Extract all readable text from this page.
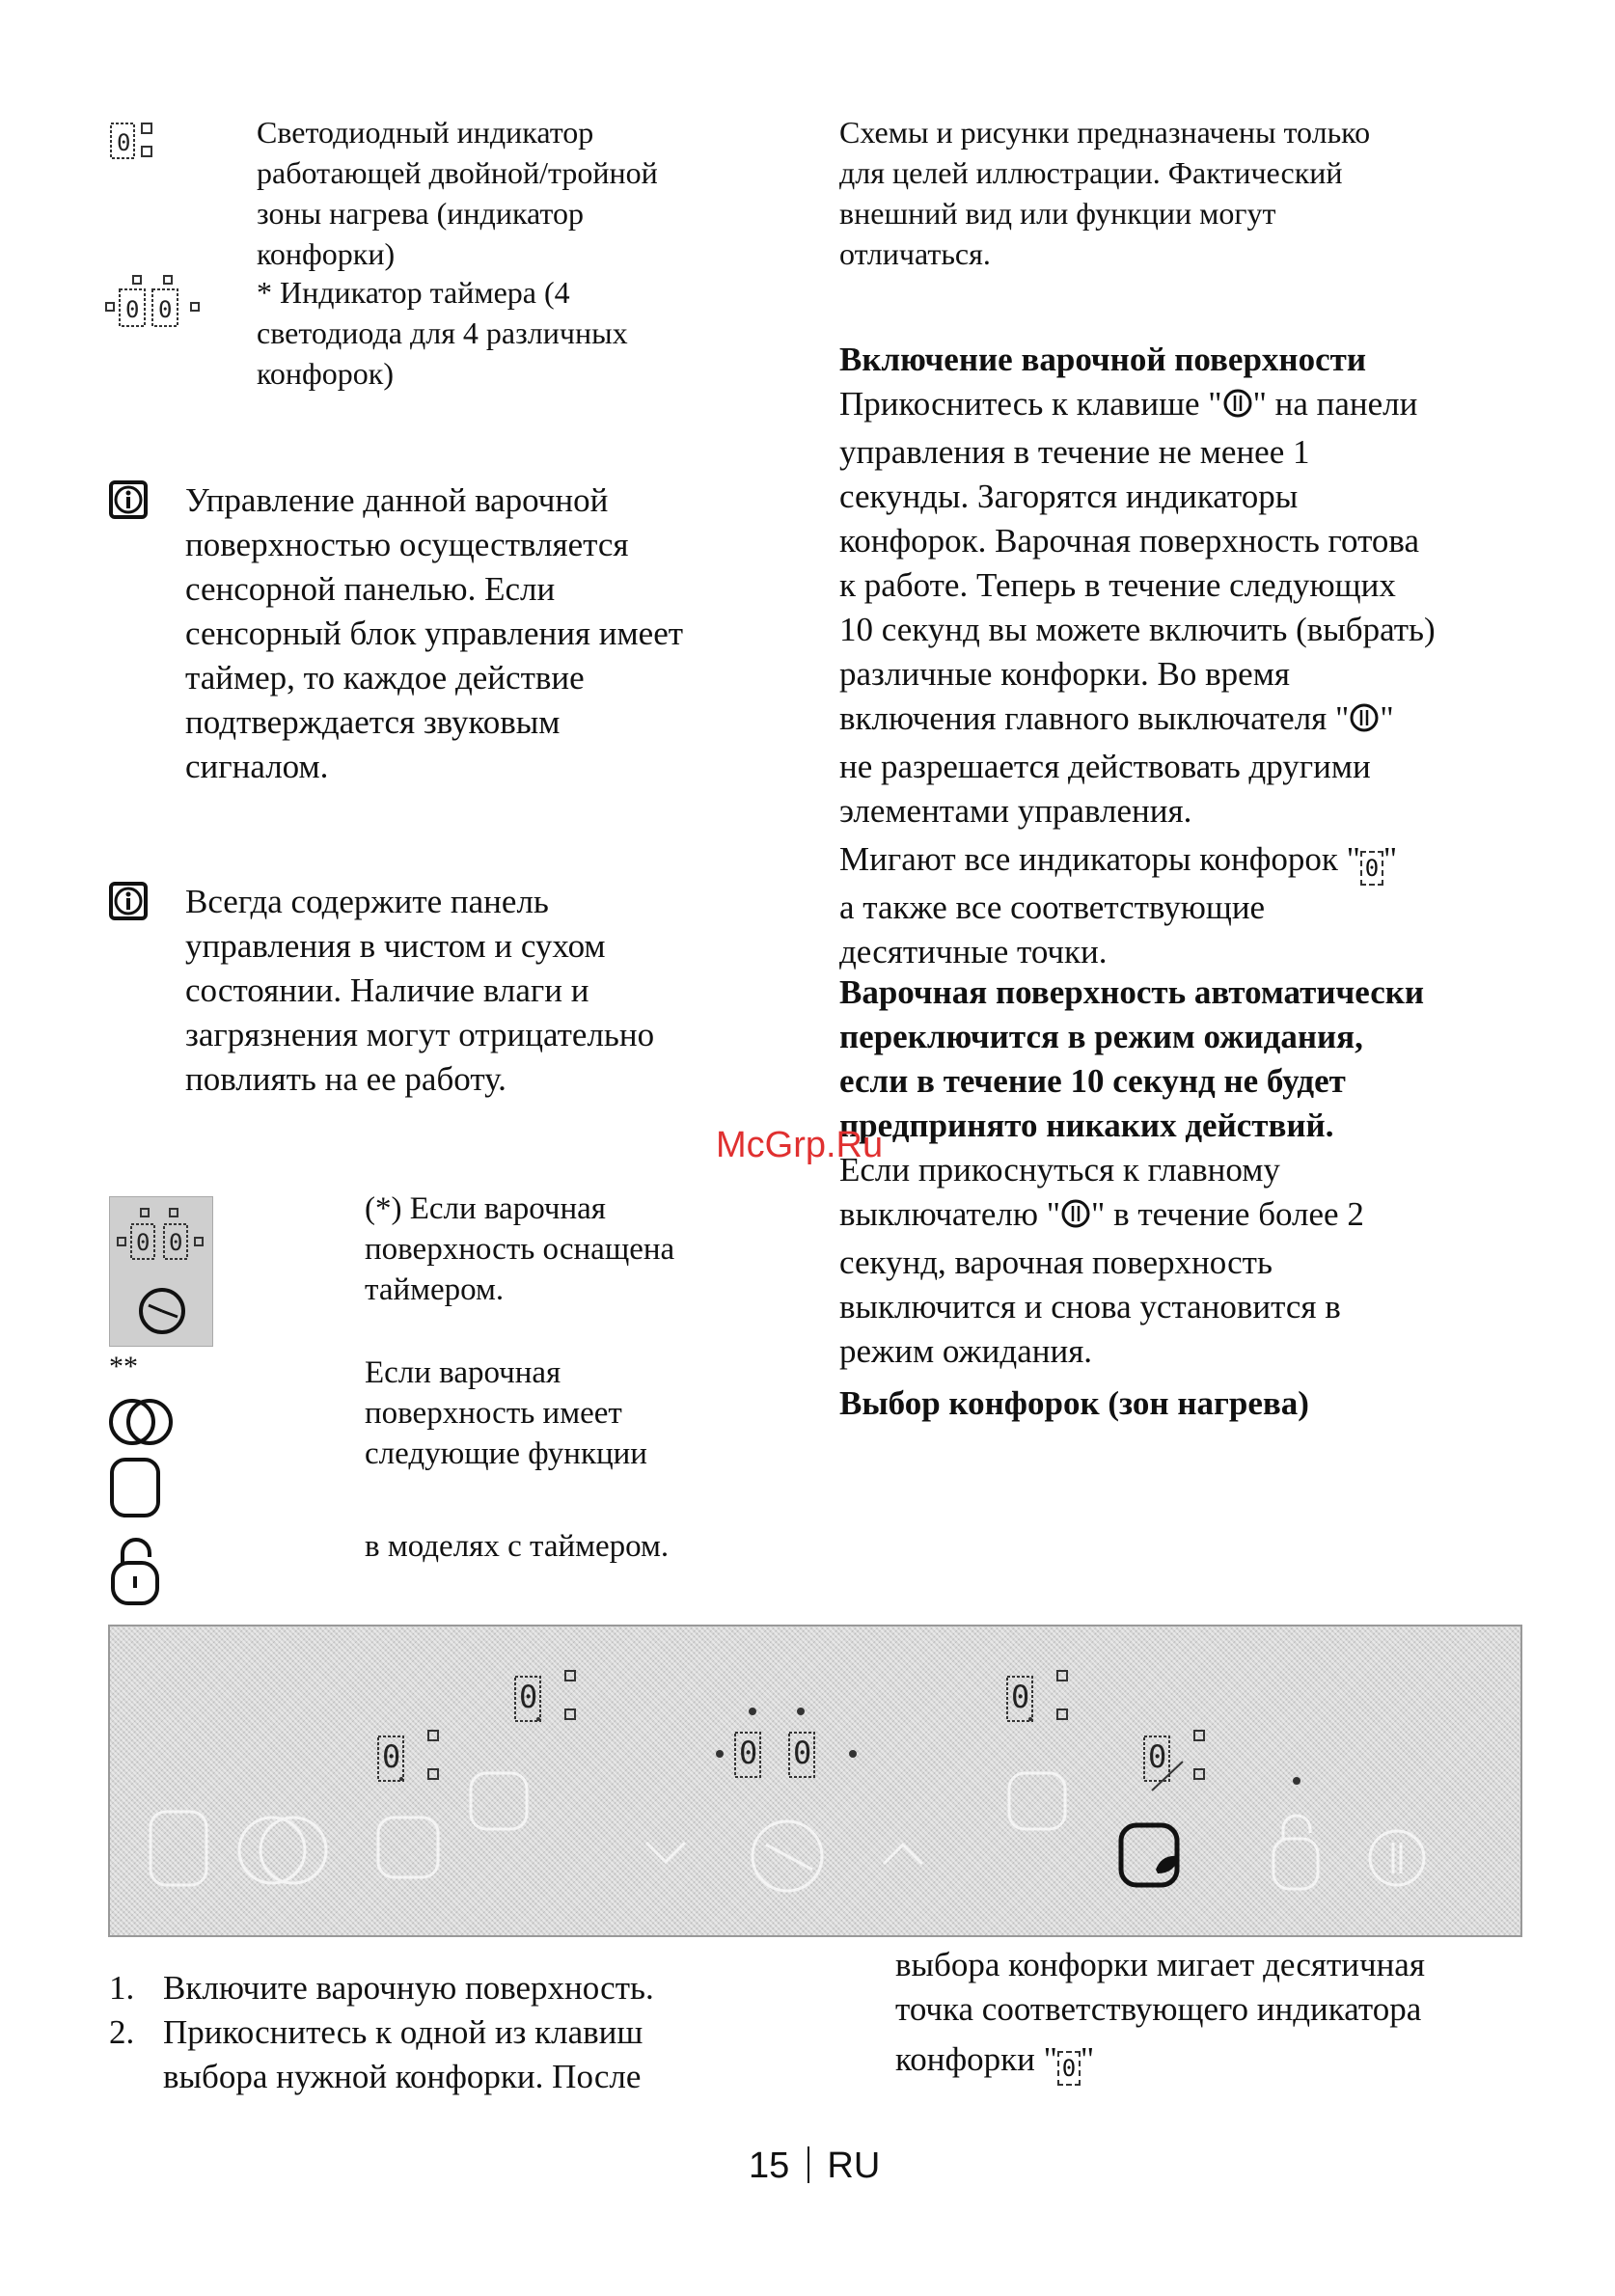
0	Светодиодный индикатор
работающей двойной/тройной
зоны нагрева (индикатор
конфорки)
0 0	* Индикатор таймера (4
светодиода для 4 различных
конфорок)
Управление данной варочной
поверхностью осуществляется
сенсорной панелью. Если
сенсорный блок управления имеет
таймер, то каждое действие
подтверждается звуковым
сигналом.
Всегда содержите панель
управления в чистом и сухом
состоянии. Наличие влаги и
загрязнения могут отрицательно
повлиять на ее работу.
0 0
(*) Если варочная
поверхность оснащена
таймером.
**	Если варочная
поверхность имеет
следующие функции
в моделях с таймером.
Схемы и рисунки предназначены только
для целей иллюстрации. Фактический
внешний вид или функции могут
отличаться.
Включение варочной поверхности
Прикоснитесь к клавише " " на панели
управления в течение не менее 1
секунды. Загорятся индикаторы
конфорок. Варочная поверхность готова
к работе. Теперь в течение следующих
10 секунд вы можете включить (выбрать)
различные конфорки. Во время
включения главного выключателя " "
не разрешается действовать другими
элементами управления.
Мигают все индикаторы конфорок " 0 "
а также все соответствующие
десятичные точки.
Варочная поверхность автоматически
переключится в режим ожидания,
если в течение 10 секунд не будет
предпринято никаких действий.
Если прикоснуться к главному
выключателю " " в течение более 2
секунд, варочная поверхность
выключится и снова установится в
режим ожидания.
Выбор конфорок (зон нагрева)
McGrp.Ru
0
0
0 0
0
0
1. Включите варочную поверхность.
2. Прикоснитесь к одной из клавиш
выбора нужной конфорки. После
выбора конфорки мигает десятичная
точка соответствующего индикатора
конфорки " 0 "
15 RU
